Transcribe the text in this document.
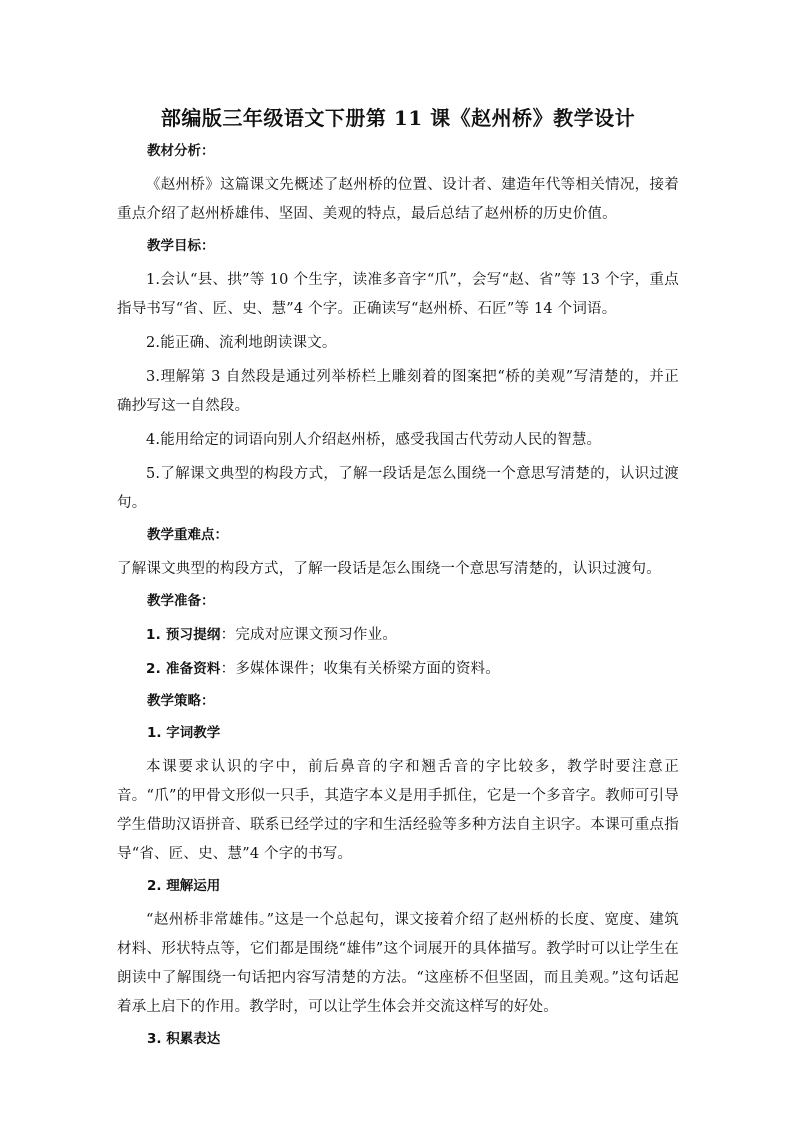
部编版三年级语文下册第 11 课《赵州桥》教学设计
教材分析：
《赵州桥》这篇课文先概述了赵州桥的位置、设计者、建造年代等相关情况，接着重点介绍了赵州桥雄伟、坚固、美观的特点，最后总结了赵州桥的历史价值。
教学目标：
1.会认“县、拱”等 10 个生字，读准多音字“爪”，会写“赵、省”等 13 个字，重点指导书写“省、匠、史、慧”4 个字。正确读写“赵州桥、石匠”等 14 个词语。
2.能正确、流利地朗读课文。
3.理解第 3 自然段是通过列举桥栏上雕刻着的图案把“桥的美观”写清楚的，并正确抄写这一自然段。
4.能用给定的词语向别人介绍赵州桥，感受我国古代劳动人民的智慧。
5.了解课文典型的构段方式，了解一段话是怎么围绕一个意思写清楚的，认识过渡句。
教学重难点：
了解课文典型的构段方式，了解一段话是怎么围绕一个意思写清楚的，认识过渡句。
教学准备：
1. 预习提纲：完成对应课文预习作业。
2. 准备资料：多媒体课件；收集有关桥梁方面的资料。
教学策略：
1. 字词教学
本课要求认识的字中，前后鼻音的字和翘舌音的字比较多，教学时要注意正音。“爪”的甲骨文形似一只手，其造字本义是用手抓住，它是一个多音字。教师可引导学生借助汉语拼音、联系已经学过的字和生活经验等多种方法自主识字。本课可重点指导“省、匠、史、慧”4 个字的书写。
2. 理解运用
“赵州桥非常雄伟。”这是一个总起句，课文接着介绍了赵州桥的长度、宽度、建筑材料、形状特点等，它们都是围绕“雄伟”这个词展开的具体描写。教学时可以让学生在朗读中了解围绕一句话把内容写清楚的方法。“这座桥不但坚固，而且美观。”这句话起着承上启下的作用。教学时，可以让学生体会并交流这样写的好处。
3. 积累表达
